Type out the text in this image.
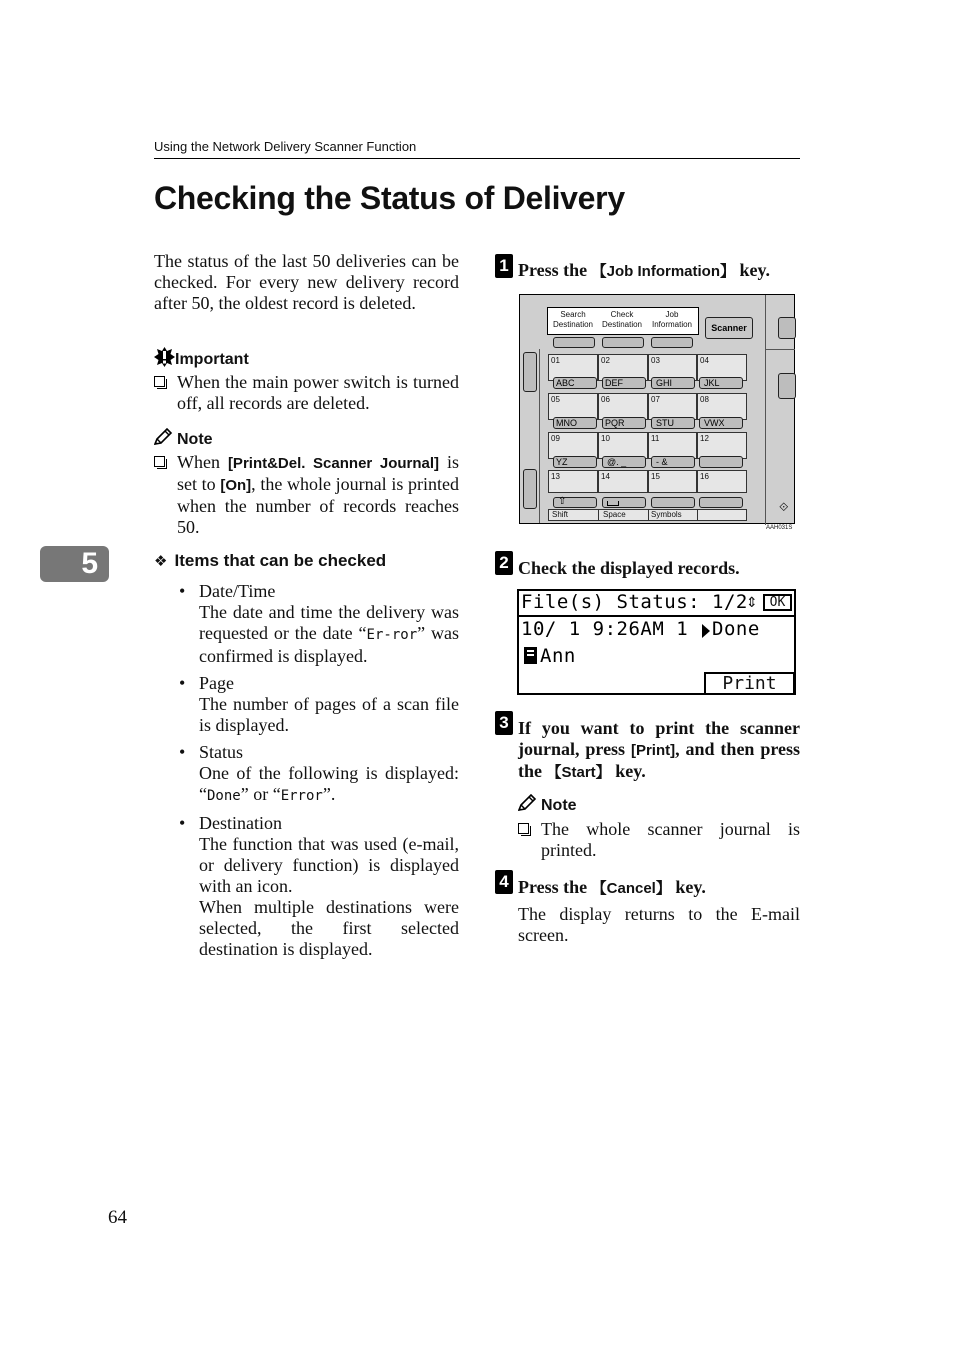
Using the Network Delivery Scanner Function
Checking the Status of Delivery
The status of the last 50 deliveries can be checked. For every new delivery record after 50, the oldest record is deleted.
Important
When the main power switch is turned off, all records are deleted.
Note
When [Print&Del. Scanner Journal] is set to [On], the whole journal is printed when the number of records reaches 50.
5	❖ Items that can be checked
• Date/Time
The date and time the delivery was requested or the date “Er-ror” was confirmed is displayed.
• Page
The number of pages of a scan file is displayed.
• Status
One of the following is displayed: “Done” or “Error”.
• Destination
The function that was used (e-mail, or delivery function) is displayed with an icon.
When multiple destinations were selected, the first selected destination is displayed.
1 Press the 【Job Information】 key.
Search
Destination
Check
Destination
Job
Information	Scanner
01	02	03	04
ABC	DEF	GHI	JKL
05	06	07	08
MNO	PQR	STU	VWX
09	10	11	12
YZ	@. _	- &
13	14	15	16
⇧
Shift	Space	Symbols
⟐
AAH031S
2 Check the displayed records.
File(s) Status: 1/2
⇕ OK
10/ 1 9:26AM 1 Done
Ann
Print
3 If you want to print the scanner journal, press [Print], and then press the 【Start】 key.
Note
The whole scanner journal is printed.
4 Press the 【Cancel】 key.
The display returns to the E-mail screen.
64
